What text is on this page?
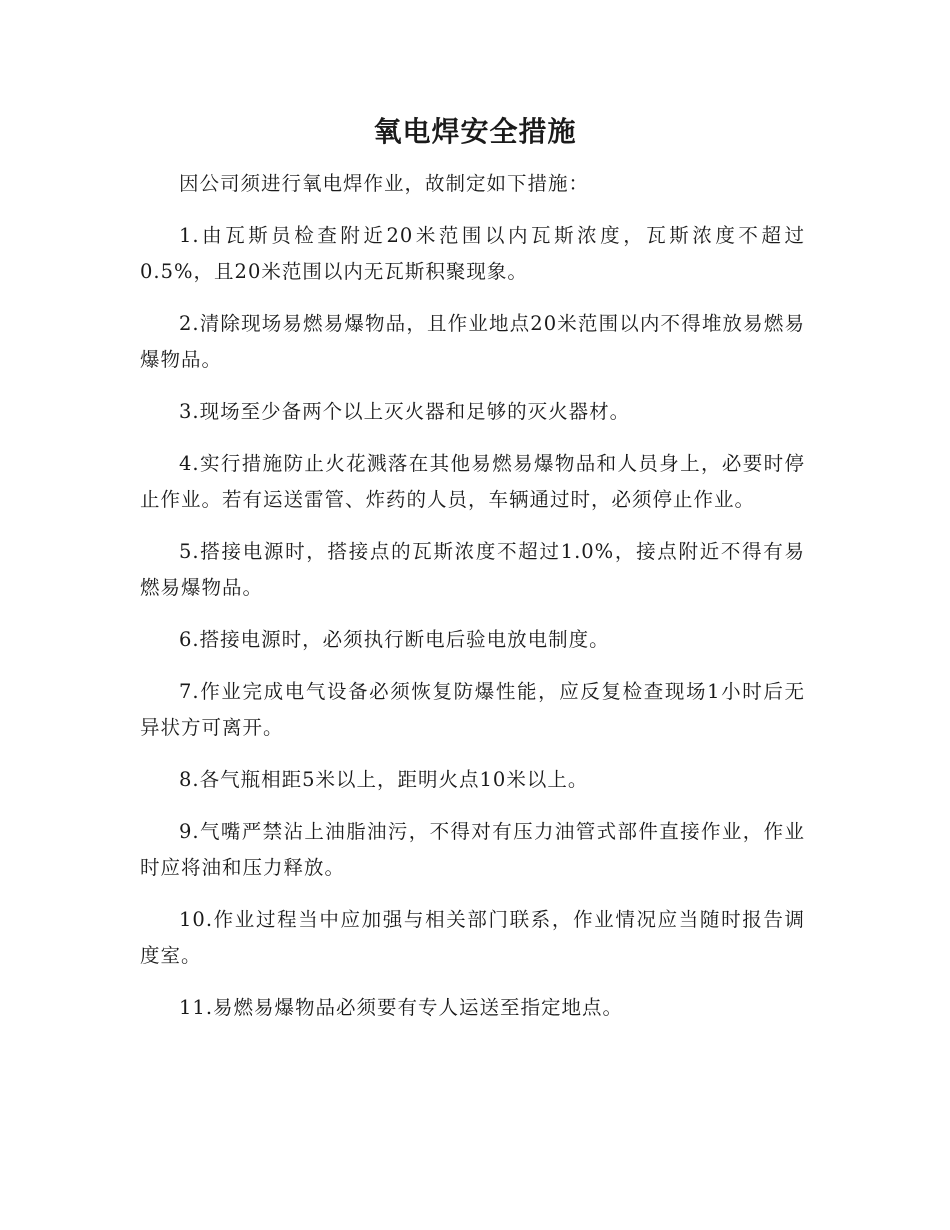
氧电焊安全措施

因公司须进行氧电焊作业，故制定如下措施：

1.由瓦斯员检查附近20米范围以内瓦斯浓度，瓦斯浓度不超过0.5%，且20米范围以内无瓦斯积聚现象。

2.清除现场易燃易爆物品，且作业地点20米范围以内不得堆放易燃易爆物品。

3.现场至少备两个以上灭火器和足够的灭火器材。

4.实行措施防止火花溅落在其他易燃易爆物品和人员身上，必要时停止作业。若有运送雷管、炸药的人员，车辆通过时，必须停止作业。

5.搭接电源时，搭接点的瓦斯浓度不超过1.0%，接点附近不得有易燃易爆物品。

6.搭接电源时，必须执行断电后验电放电制度。

7.作业完成电气设备必须恢复防爆性能，应反复检查现场1小时后无异状方可离开。

8.各气瓶相距5米以上，距明火点10米以上。

9.气嘴严禁沾上油脂油污，不得对有压力油管式部件直接作业，作业时应将油和压力释放。

10.作业过程当中应加强与相关部门联系，作业情况应当随时报告调度室。

11.易燃易爆物品必须要有专人运送至指定地点。
